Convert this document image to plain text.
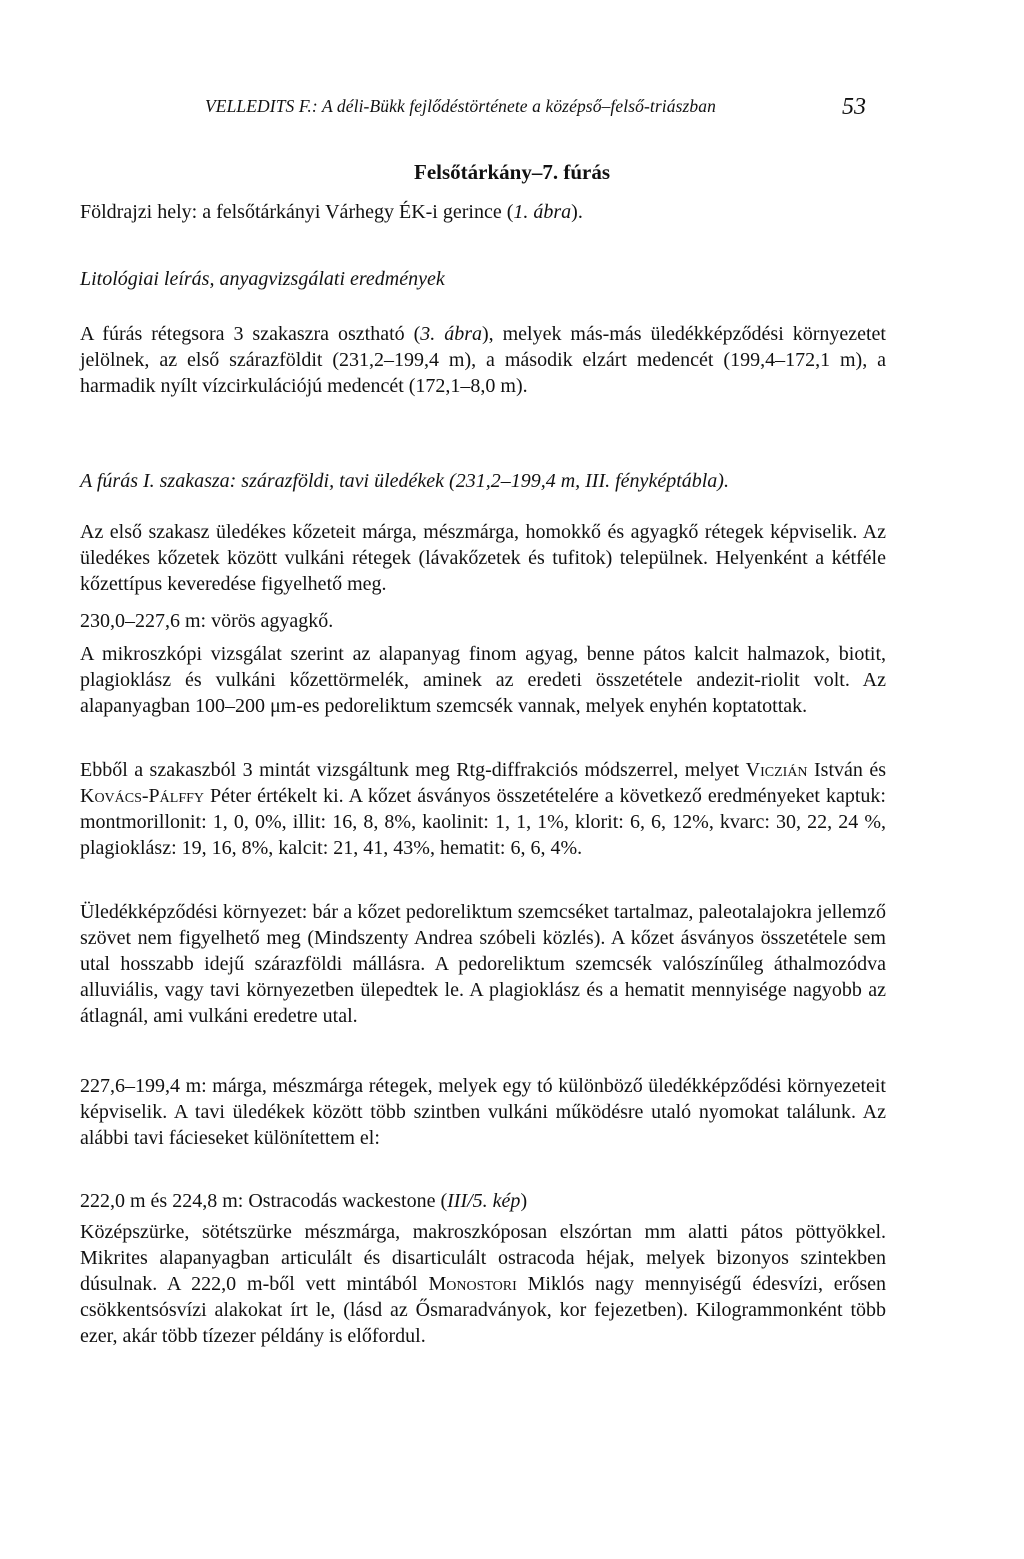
VELLEDITS F.: A déli-Bükk fejlődéstörténete a középső–felső-triászban	53
Felsőtárkány–7. fúrás
Földrajzi hely: a felsőtárkányi Várhegy ÉK-i gerince (1. ábra).
Litológiai leírás, anyagvizsgálati eredmények
A fúrás rétegsora 3 szakaszra osztható (3. ábra), melyek más-más üledékképződési környezetet jelölnek, az első szárazföldit (231,2–199,4 m), a második elzárt medencét (199,4–172,1 m), a harmadik nyílt vízcirkulációjú medencét (172,1–8,0 m).
A fúrás I. szakasza: szárazföldi, tavi üledékek (231,2–199,4 m, III. fényképtábla).
Az első szakasz üledékes kőzeteit márga, mészmárga, homokkő és agyagkő rétegek képviselik. Az üledékes kőzetek között vulkáni rétegek (lávakőzetek és tufitok) települnek. Helyenként a kétféle kőzettípus keveredése figyelhető meg.
230,0–227,6 m: vörös agyagkő.
A mikroszkópi vizsgálat szerint az alapanyag finom agyag, benne pátos kalcit halmazok, biotit, plagioklász és vulkáni kőzettörmelék, aminek az eredeti összetétele andezit-riolit volt. Az alapanyagban 100–200 μm-es pedoreliktum szemcsék vannak, melyek enyhén koptatottak.
Ebből a szakaszból 3 mintát vizsgáltunk meg Rtg-diffrakciós módszerrel, melyet Viczián István és Kovács-Pálffy Péter értékelt ki. A kőzet ásványos összetételére a következő eredményeket kaptuk: montmorillonit: 1, 0, 0%, illit: 16, 8, 8%, kaolinit: 1, 1, 1%, klorit: 6, 6, 12%, kvarc: 30, 22, 24 %, plagioklász: 19, 16, 8%, kalcit: 21, 41, 43%, hematit: 6, 6, 4%.
Üledékképződési környezet: bár a kőzet pedoreliktum szemcséket tartalmaz, paleotalajokra jellemző szövet nem figyelhető meg (Mindszenty Andrea szóbeli közlés). A kőzet ásványos összetétele sem utal hosszabb idejű szárazföldi mállásra. A pedoreliktum szemcsék valószínűleg áthalmozódva alluviális, vagy tavi környezetben ülepedtek le. A plagioklász és a hematit mennyisége nagyobb az átlagnál, ami vulkáni eredetre utal.
227,6–199,4 m: márga, mészmárga rétegek, melyek egy tó különböző üledékképződési környezeteit képviselik. A tavi üledékek között több szintben vulkáni működésre utaló nyomokat találunk. Az alábbi tavi fácieseket különítettem el:
222,0 m és 224,8 m: Ostracodás wackestone (III/5. kép)
Középszürke, sötétszürke mészmárga, makroszkóposan elszórtan mm alatti pátos pöttyökkel. Mikrites alapanyagban articulált és disarticulált ostracoda héjak, melyek bizonyos szintekben dúsulnak. A 222,0 m-ből vett mintából Monostori Miklós nagy mennyiségű édesvízi, erősen csökkentsósvízi alakokat írt le, (lásd az Ősmaradványok, kor fejezetben). Kilogrammonként több ezer, akár több tízezer példány is előfordul.
